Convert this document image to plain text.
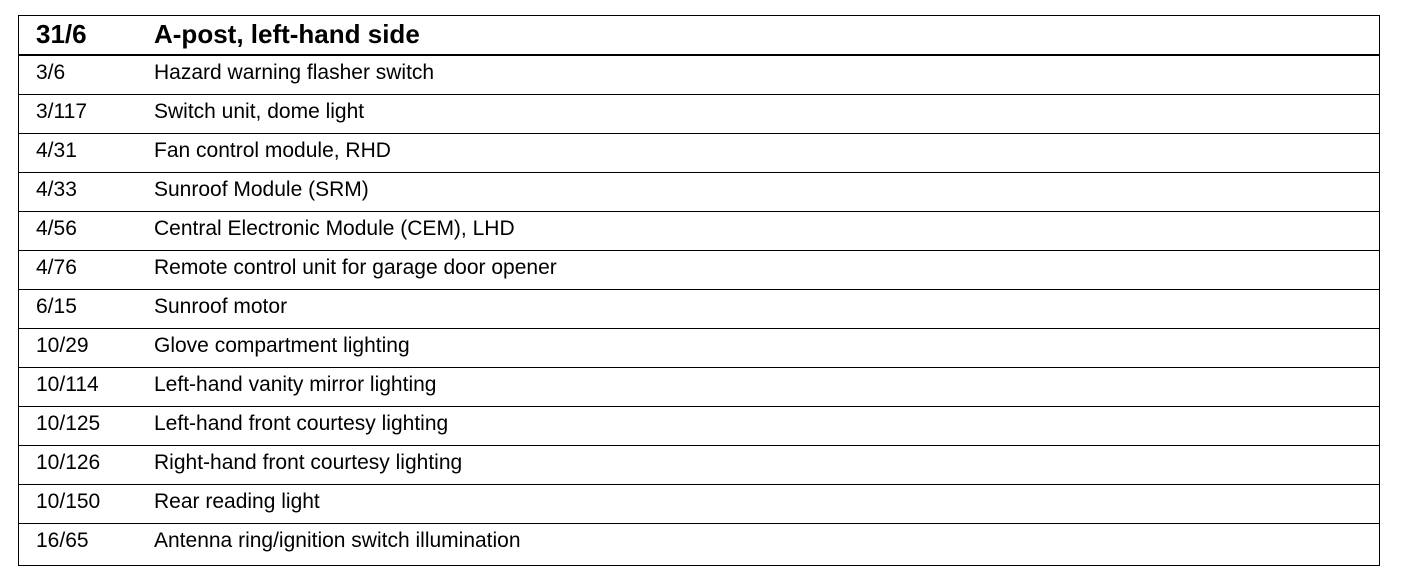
31/6	A-post, left-hand side
3/6	Hazard warning flasher switch
3/117	Switch unit, dome light
4/31	Fan control module, RHD
4/33	Sunroof Module (SRM)
4/56	Central Electronic Module (CEM), LHD
4/76	Remote control unit for garage door opener
6/15	Sunroof motor
10/29	Glove compartment lighting
10/114	Left-hand vanity mirror lighting
10/125	Left-hand front courtesy lighting
10/126	Right-hand front courtesy lighting
10/150	Rear reading light
16/65	Antenna ring/ignition switch illumination
